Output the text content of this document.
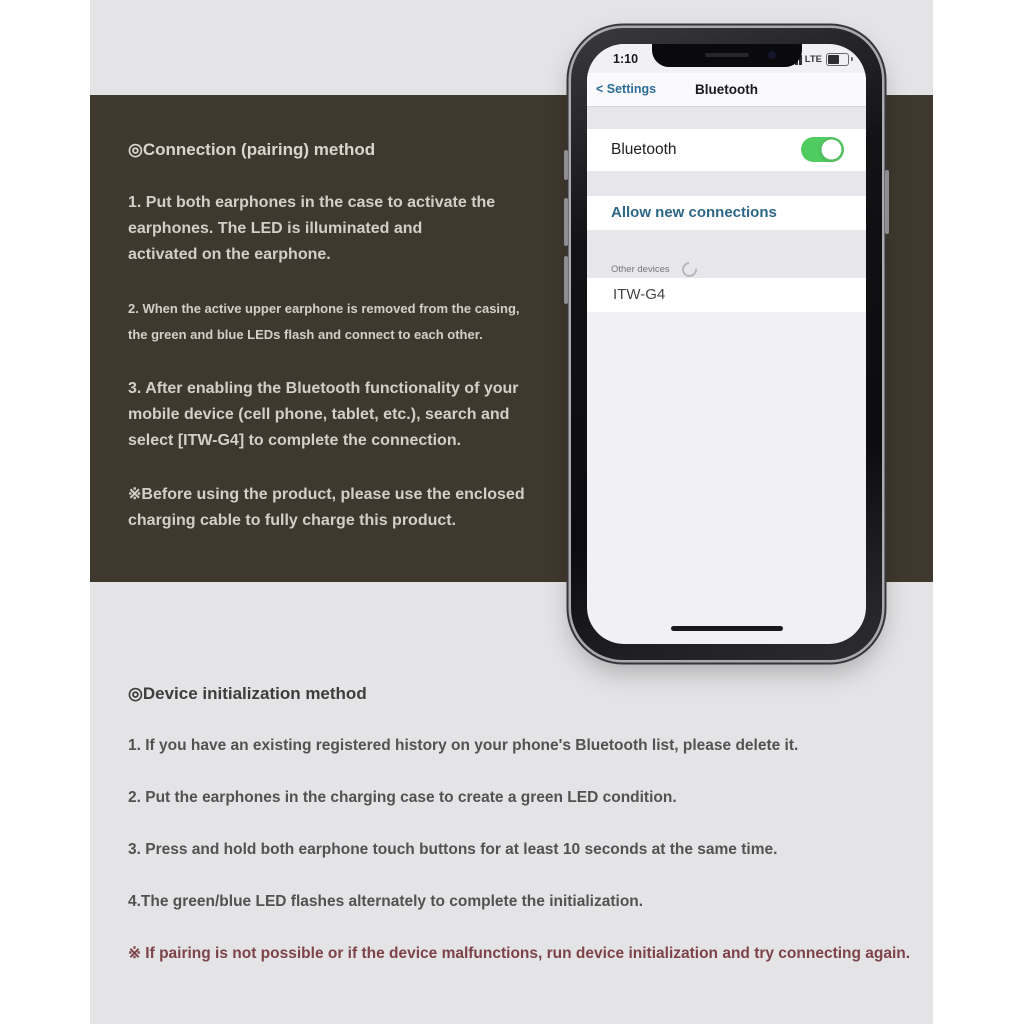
◎Connection (pairing) method
1. Put both earphones in the case to activate the
earphones. The LED is illuminated and
activated on the earphone.
2. When the active upper earphone is removed from the casing,
the green and blue LEDs flash and connect to each other.
3. After enabling the Bluetooth functionality of your
mobile device (cell phone, tablet, etc.), search and
select [ITW-G4] to complete the connection.
※Before using the product, please use the enclosed
charging cable to fully charge this product.
1:10	LTE
< Settings	Bluetooth
Bluetooth
Allow new connections
Other devices
ITW-G4
◎Device initialization method
1. If you have an existing registered history on your phone's Bluetooth list, please delete it.
2. Put the earphones in the charging case to create a green LED condition.
3. Press and hold both earphone touch buttons for at least 10 seconds at the same time.
4.The green/blue LED flashes alternately to complete the initialization.
※ If pairing is not possible or if the device malfunctions, run device initialization and try connecting again.
